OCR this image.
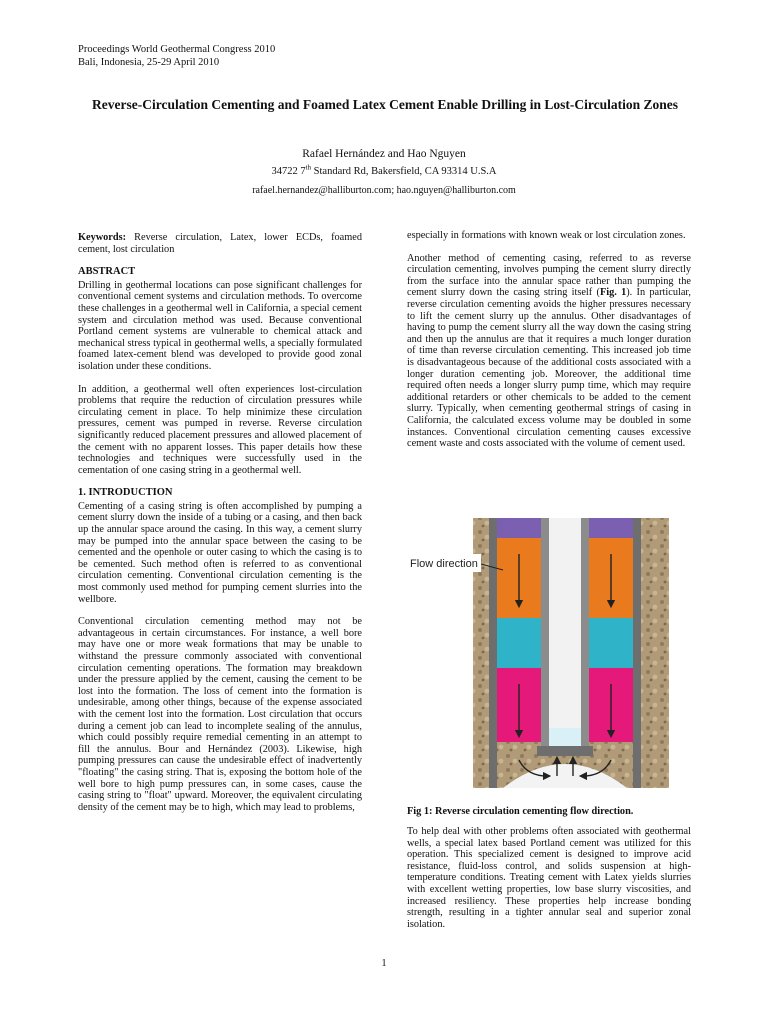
Proceedings World Geothermal Congress 2010
Bali, Indonesia, 25-29 April 2010
Reverse-Circulation Cementing and Foamed Latex Cement Enable Drilling in Lost-Circulation Zones
Rafael Hernández and Hao Nguyen
34722 7th Standard Rd, Bakersfield, CA 93314 U.S.A
rafael.hernandez@halliburton.com; hao.nguyen@halliburton.com

Keywords: Reverse circulation, Latex, lower ECDs, foamed cement, lost circulation

ABSTRACT

Drilling in geothermal locations can pose significant challenges for conventional cement systems and circulation methods. To overcome these challenges in a geothermal well in California, a special cement system and circulation method was used. Because conventional Portland cement systems are vulnerable to chemical attack and mechanical stress typical in geothermal wells, a specially formulated foamed latex-cement blend was developed to provide good zonal isolation under these conditions.

In addition, a geothermal well often experiences lost-circulation problems that require the reduction of circulation pressures while circulating cement in place. To help minimize these circulation pressures, cement was pumped in reverse. Reverse circulation significantly reduced placement pressures and allowed placement of the cement with no apparent losses. This paper details how these technologies and techniques were successfully used in the cementation of one casing string in a geothermal well.

1. INTRODUCTION

Cementing of a casing string is often accomplished by pumping a cement slurry down the inside of a tubing or a casing, and then back up the annular space around the casing. In this way, a cement slurry may be pumped into the annular space between the casing to be cemented and the openhole or outer casing to which the casing is to be cemented. Such method often is referred to as conventional circulation cementing. Conventional circulation cementing is the most commonly used method for pumping cement slurries into the wellbore.

Conventional circulation cementing method may not be advantageous in certain circumstances. For instance, a well bore may have one or more weak formations that may be unable to withstand the pressure commonly associated with conventional circulation cementing operations. The formation may breakdown under the pressure applied by the cement, causing the cement to be lost into the formation. The loss of cement into the formation is undesirable, among other things, because of the expense associated with the cement lost into the formation. Lost circulation that occurs during a cement job can lead to incomplete sealing of the annulus, which could possibly require remedial cementing in an attempt to fill the annulus. Bour and Hernández (2003). Likewise, high pumping pressures can cause the undesirable effect of inadvertently "floating" the casing string. That is, exposing the bottom hole of the well bore to high pump pressures can, in some cases, cause the casing string to "float" upward. Moreover, the equivalent circulating density of the cement may be to high, which may lead to problems,

especially in formations with known weak or lost circulation zones.

Another method of cementing casing, referred to as reverse circulation cementing, involves pumping the cement slurry directly from the surface into the annular space rather than pumping the cement slurry down the casing string itself (Fig. 1). In particular, reverse circulation cementing avoids the higher pressures necessary to lift the cement slurry up the annulus. Other disadvantages of having to pump the cement slurry all the way down the casing string and then up the annulus are that it requires a much longer duration of time than reverse circulation cementing. This increased job time is disadvantageous because of the additional costs associated with a longer duration cementing job. Moreover, the additional time required often needs a longer slurry pump time, which may require additional retarders or other chemicals to be added to the cement slurry. Typically, when cementing geothermal strings of casing in California, the calculated excess volume may be doubled in some instances. Conventional circulation cementing causes excessive cement waste and costs associated with the volume of cement used.

Flow direction
Fig 1: Reverse circulation cementing flow direction.

To help deal with other problems often associated with geothermal wells, a special latex based Portland cement was utilized for this operation. This specialized cement is designed to improve acid resistance, fluid-loss control, and solids suspension at high-temperature conditions. Treating cement with Latex yields slurries with excellent wetting properties, low base slurry viscosities, and increased resiliency. These properties help increase bonding strength, resulting in a tighter annular seal and superior zonal isolation.

1
